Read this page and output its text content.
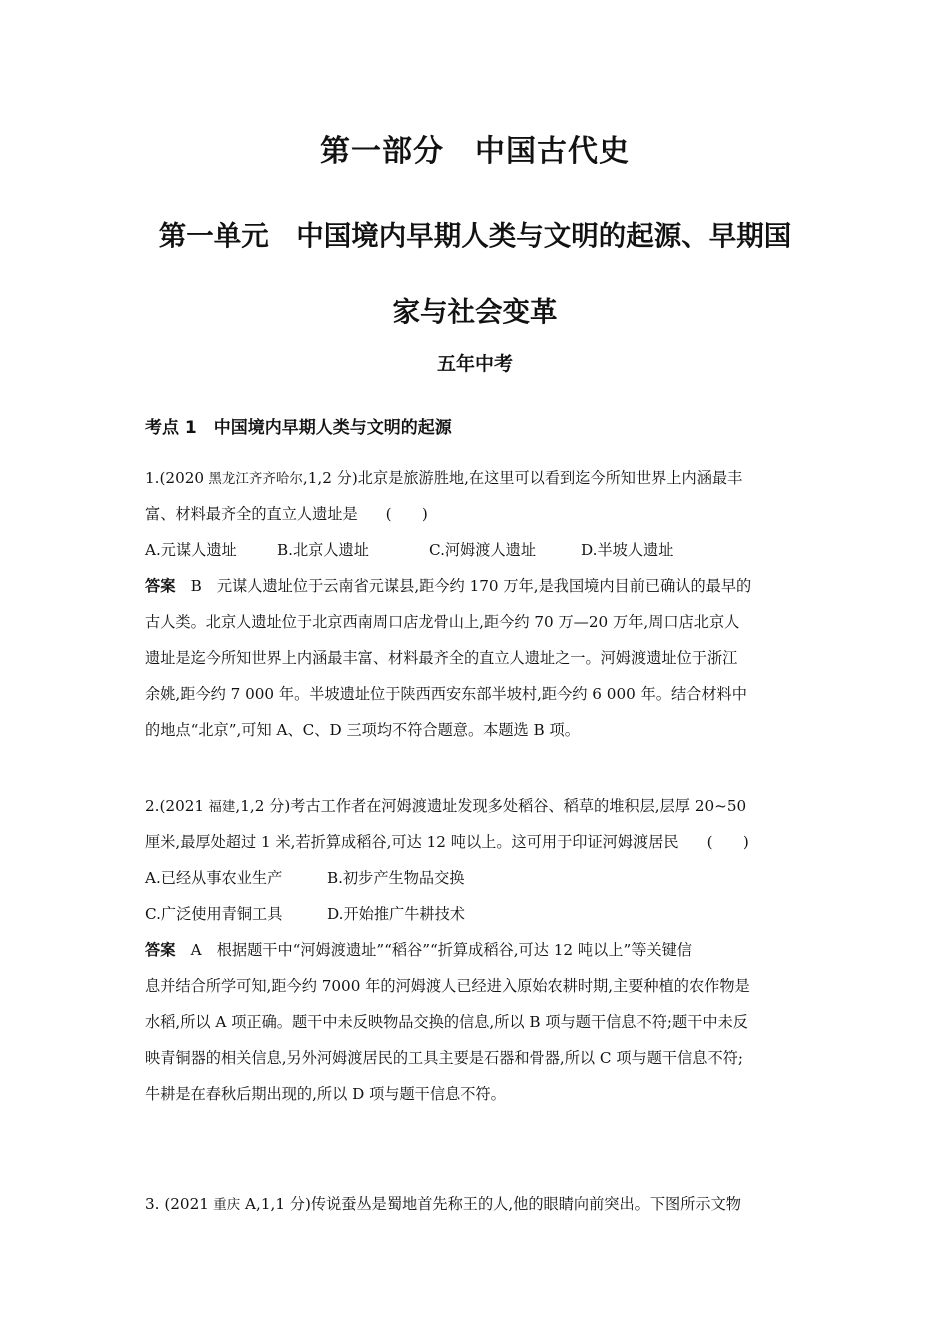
第一部分　中国古代史
第一单元　中国境内早期人类与文明的起源、早期国
家与社会变革
五年中考
考点 1　中国境内早期人类与文明的起源
1.(2020 黑龙江齐齐哈尔,1,2 分)北京是旅游胜地,在这里可以看到迄今所知世界上内涵最丰
富、材料最齐全的直立人遗址是 (　　)
A.元谋人遗址	B.北京人遗址	C.河姆渡人遗址	D.半坡人遗址
答案　 B　 元谋人遗址位于云南省元谋县,距今约 170 万年,是我国境内目前已确认的最早的
古人类。北京人遗址位于北京西南周口店龙骨山上,距今约 70 万—20 万年,周口店北京人
遗址是迄今所知世界上内涵最丰富、材料最齐全的直立人遗址之一。河姆渡遗址位于浙江
余姚,距今约 7 000 年。半坡遗址位于陕西西安东部半坡村,距今约 6 000 年。结合材料中
的地点“北京”,可知 A、C、D 三项均不符合题意。本题选 B 项。
2.(2021 福建,1,2 分)考古工作者在河姆渡遗址发现多处稻谷、稻草的堆积层,层厚 20~50
厘米,最厚处超过 1 米,若折算成稻谷,可达 12 吨以上。这可用于印证河姆渡居民 (　　)
A.已经从事农业生产	B.初步产生物品交换
C.广泛使用青铜工具	D.开始推广牛耕技术
答案　 A　 根据题干中“河姆渡遗址”“稻谷”“折算成稻谷,可达 12 吨以上”等关键信
息并结合所学可知,距今约 7000 年的河姆渡人已经进入原始农耕时期,主要种植的农作物是
水稻,所以 A 项正确。题干中未反映物品交换的信息,所以 B 项与题干信息不符;题干中未反
映青铜器的相关信息,另外河姆渡居民的工具主要是石器和骨器,所以 C 项与题干信息不符;
牛耕是在春秋后期出现的,所以 D 项与题干信息不符。
3. (2021 重庆 A,1,1 分)传说蚕丛是蜀地首先称王的人,他的眼睛向前突出。下图所示文物
